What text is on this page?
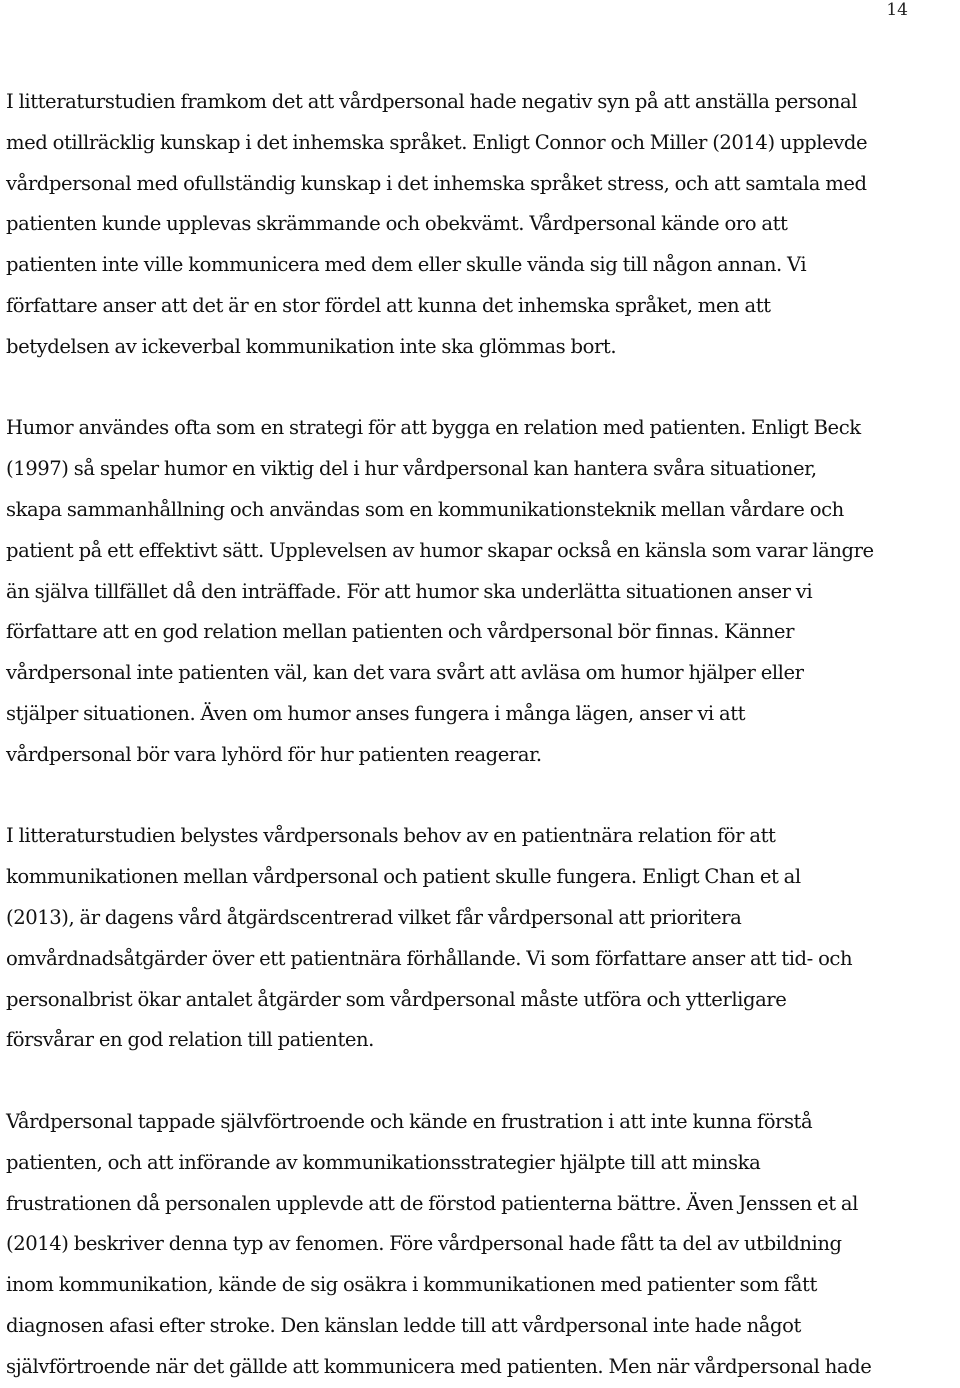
14
I litteraturstudien framkom det att vårdpersonal hade negativ syn på att anställa personal
med otillräcklig kunskap i det inhemska språket. Enligt Connor och Miller (2014) upplevde
vårdpersonal med ofullständig kunskap i det inhemska språket stress, och att samtala med
patienten kunde upplevas skrämmande och obekvämt. Vårdpersonal kände oro att
patienten inte ville kommunicera med dem eller skulle vända sig till någon annan. Vi
författare anser att det är en stor fördel att kunna det inhemska språket, men att
betydelsen av ickeverbal kommunikation inte ska glömmas bort.
Humor användes ofta som en strategi för att bygga en relation med patienten. Enligt Beck
(1997) så spelar humor en viktig del i hur vårdpersonal kan hantera svåra situationer,
skapa sammanhållning och användas som en kommunikationsteknik mellan vårdare och
patient på ett effektivt sätt. Upplevelsen av humor skapar också en känsla som varar längre
än själva tillfället då den inträffade. För att humor ska underlätta situationen anser vi
författare att en god relation mellan patienten och vårdpersonal bör finnas. Känner
vårdpersonal inte patienten väl, kan det vara svårt att avläsa om humor hjälper eller
stjälper situationen. Även om humor anses fungera i många lägen, anser vi att
vårdpersonal bör vara lyhörd för hur patienten reagerar.
I litteraturstudien belystes vårdpersonals behov av en patientnära relation för att
kommunikationen mellan vårdpersonal och patient skulle fungera. Enligt Chan et al
(2013), är dagens vård åtgärdscentrerad vilket får vårdpersonal att prioritera
omvårdnadsåtgärder över ett patientnära förhållande. Vi som författare anser att tid- och
personalbrist ökar antalet åtgärder som vårdpersonal måste utföra och ytterligare
försvårar en god relation till patienten.
Vårdpersonal tappade självförtroende och kände en frustration i att inte kunna förstå
patienten, och att införande av kommunikationsstrategier hjälpte till att minska
frustrationen då personalen upplevde att de förstod patienterna bättre. Även Jenssen et al
(2014) beskriver denna typ av fenomen. Före vårdpersonal hade fått ta del av utbildning
inom kommunikation, kände de sig osäkra i kommunikationen med patienter som fått
diagnosen afasi efter stroke. Den känslan ledde till att vårdpersonal inte hade något
självförtroende när det gällde att kommunicera med patienten. Men när vårdpersonal hade
